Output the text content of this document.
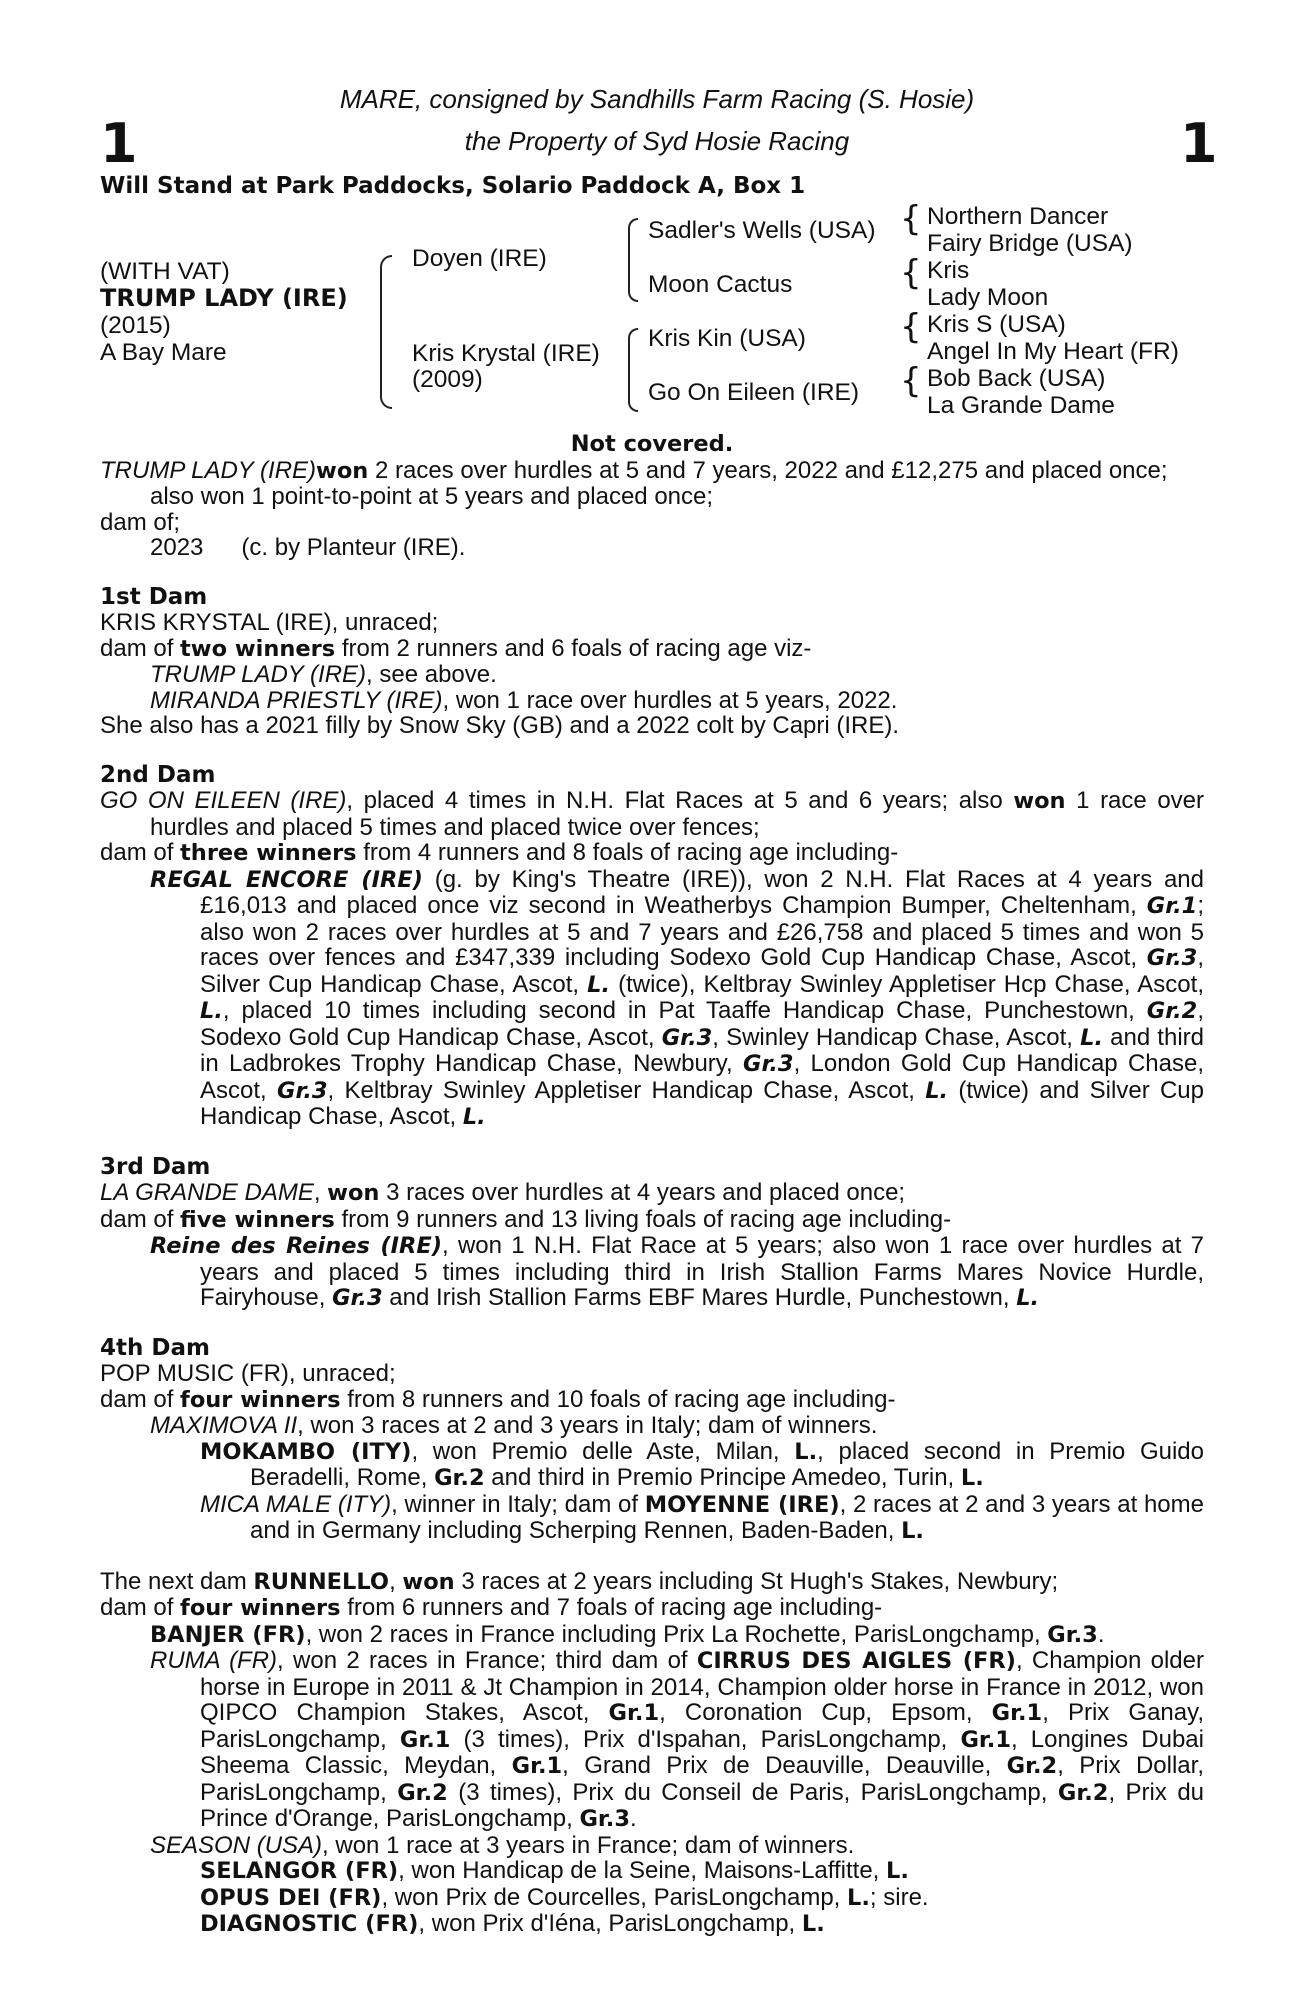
1	1
MARE, consigned by Sandhills Farm Racing (S. Hosie)
the Property of Syd Hosie Racing
Will Stand at Park Paddocks, Solario Paddock A, Box 1
(WITH VAT)
TRUMP LADY (IRE)
(2015)
A Bay Mare
Doyen (IRE)
Kris Krystal (IRE)
(2009)
Sadler's Wells (USA)
Moon Cactus
Kris Kin (USA)
Go On Eileen (IRE)
{
{
{
{
Northern Dancer
Fairy Bridge (USA)
Kris
Lady Moon
Kris S (USA)
Angel In My Heart (FR)
Bob Back (USA)
La Grande Dame

Not covered.

TRUMP LADY (IRE)won 2 races over hurdles at 5 and 7 years, 2022 and £12,275 and placed once; also won 1 point-to-point at 5 years and placed once;

dam of;

2023 (c. by Planteur (IRE).

1st Dam

KRIS KRYSTAL (IRE), unraced;

dam of two winners from 2 runners and 6 foals of racing age viz-

TRUMP LADY (IRE), see above.

MIRANDA PRIESTLY (IRE), won 1 race over hurdles at 5 years, 2022.

She also has a 2021 filly by Snow Sky (GB) and a 2022 colt by Capri (IRE).

2nd Dam

GO ON EILEEN (IRE), placed 4 times in N.H. Flat Races at 5 and 6 years; also won 1 race over hurdles and placed 5 times and placed twice over fences;

dam of three winners from 4 runners and 8 foals of racing age including-

REGAL ENCORE (IRE) (g. by King's Theatre (IRE)), won 2 N.H. Flat Races at 4 years and £16,013 and placed once viz second in Weatherbys Champion Bumper, Cheltenham, Gr.1; also won 2 races over hurdles at 5 and 7 years and £26,758 and placed 5 times and won 5 races over fences and £347,339 including Sodexo Gold Cup Handicap Chase, Ascot, Gr.3, Silver Cup Handicap Chase, Ascot, L. (twice), Keltbray Swinley Appletiser Hcp Chase, Ascot, L., placed 10 times including second in Pat Taaffe Handicap Chase, Punchestown, Gr.2, Sodexo Gold Cup Handicap Chase, Ascot, Gr.3, Swinley Handicap Chase, Ascot, L. and third in Ladbrokes Trophy Handicap Chase, Newbury, Gr.3, London Gold Cup Handicap Chase, Ascot, Gr.3, Keltbray Swinley Appletiser Handicap Chase, Ascot, L. (twice) and Silver Cup Handicap Chase, Ascot, L.

3rd Dam

LA GRANDE DAME, won 3 races over hurdles at 4 years and placed once;

dam of five winners from 9 runners and 13 living foals of racing age including-

Reine des Reines (IRE), won 1 N.H. Flat Race at 5 years; also won 1 race over hurdles at 7 years and placed 5 times including third in Irish Stallion Farms Mares Novice Hurdle, Fairyhouse, Gr.3 and Irish Stallion Farms EBF Mares Hurdle, Punchestown, L.

4th Dam

POP MUSIC (FR), unraced;

dam of four winners from 8 runners and 10 foals of racing age including-

MAXIMOVA II, won 3 races at 2 and 3 years in Italy; dam of winners.

MOKAMBO (ITY), won Premio delle Aste, Milan, L., placed second in Premio Guido Beradelli, Rome, Gr.2 and third in Premio Principe Amedeo, Turin, L.

MICA MALE (ITY), winner in Italy; dam of MOYENNE (IRE), 2 races at 2 and 3 years at home and in Germany including Scherping Rennen, Baden-Baden, L.

The next dam RUNNELLO, won 3 races at 2 years including St Hugh's Stakes, Newbury;

dam of four winners from 6 runners and 7 foals of racing age including-

BANJER (FR), won 2 races in France including Prix La Rochette, ParisLongchamp, Gr.3.

RUMA (FR), won 2 races in France; third dam of CIRRUS DES AIGLES (FR), Champion older horse in Europe in 2011 & Jt Champion in 2014, Champion older horse in France in 2012, won QIPCO Champion Stakes, Ascot, Gr.1, Coronation Cup, Epsom, Gr.1, Prix Ganay, ParisLongchamp, Gr.1 (3 times), Prix d'Ispahan, ParisLongchamp, Gr.1, Longines Dubai Sheema Classic, Meydan, Gr.1, Grand Prix de Deauville, Deauville, Gr.2, Prix Dollar, ParisLongchamp, Gr.2 (3 times), Prix du Conseil de Paris, ParisLongchamp, Gr.2, Prix du Prince d'Orange, ParisLongchamp, Gr.3.

SEASON (USA), won 1 race at 3 years in France; dam of winners.

SELANGOR (FR), won Handicap de la Seine, Maisons-Laffitte, L.

OPUS DEI (FR), won Prix de Courcelles, ParisLongchamp, L.; sire.

DIAGNOSTIC (FR), won Prix d'Iéna, ParisLongchamp, L.
